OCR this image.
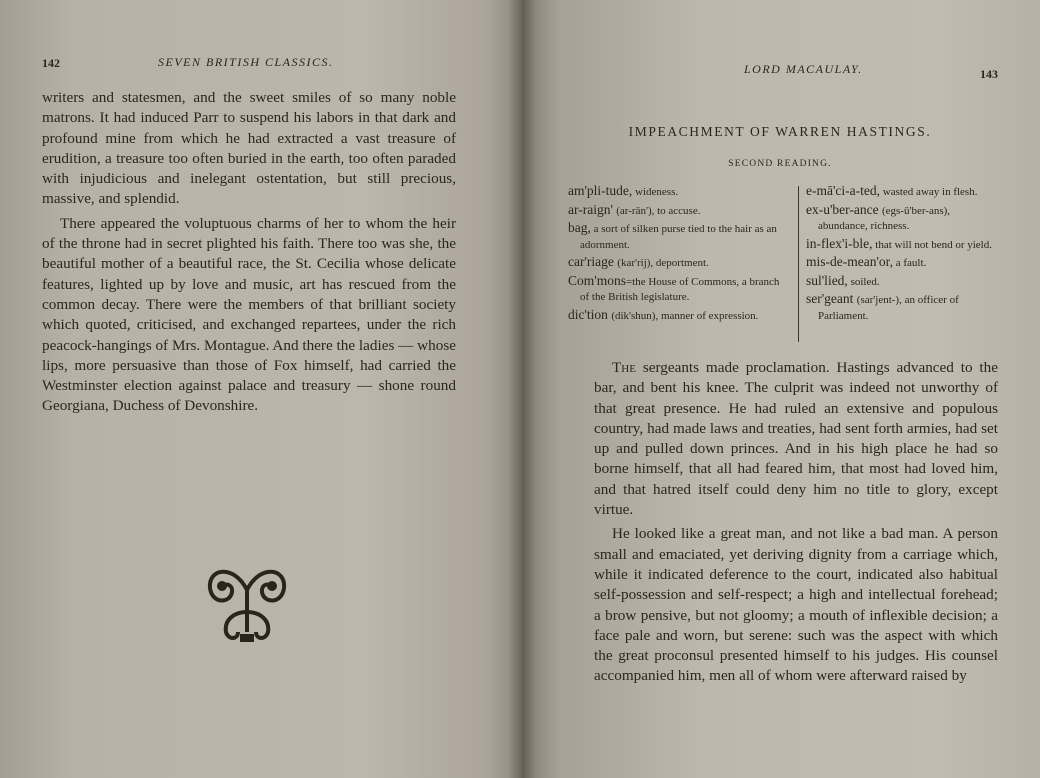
142	SEVEN BRITISH CLASSICS.

writers and statesmen, and the sweet smiles of so many noble matrons. It had induced Parr to suspend his labors in that dark and profound mine from which he had extracted a vast treasure of erudition, a treasure too often buried in the earth, too often paraded with injudicious and inelegant ostentation, but still precious, massive, and splendid.

There appeared the voluptuous charms of her to whom the heir of the throne had in secret plighted his faith. There too was she, the beautiful mother of a beautiful race, the St. Cecilia whose delicate features, lighted up by love and music, art has rescued from the common decay. There were the members of that brilliant society which quoted, criticised, and exchanged repartees, under the rich peacock-hangings of Mrs. Montague. And there the ladies — whose lips, more persuasive than those of Fox himself, had carried the Westminster election against palace and treasury — shone round Georgiana, Duchess of Devonshire.

LORD MACAULAY.	143
IMPEACHMENT OF WARREN HASTINGS.
SECOND READING.
am'pli-tude, wideness.
ar-raign' (ar-rān'), to accuse.
bag, a sort of silken purse tied to the hair as an adornment.
car'riage (kar'rij), deportment.
Com'mons=the House of Commons, a branch of the British legislature.
dic'tion (dik'shun), manner of expression.
e-mā'ci-a-ted, wasted away in flesh.
ex-u'ber-ance (egs-ū'ber-ans), abundance, richness.
in-flex'i-ble, that will not bend or yield.
mis-de-mean'or, a fault.
sul'lied, soiled.
ser'geant (sar'jent-), an officer of Parliament.

The sergeants made proclamation. Hastings advanced to the bar, and bent his knee. The culprit was indeed not unworthy of that great presence. He had ruled an extensive and populous country, had made laws and treaties, had sent forth armies, had set up and pulled down princes. And in his high place he had so borne himself, that all had feared him, that most had loved him, and that hatred itself could deny him no title to glory, except virtue.

He looked like a great man, and not like a bad man. A person small and emaciated, yet deriving dignity from a carriage which, while it indicated deference to the court, indicated also habitual self-possession and self-respect; a high and intellectual forehead; a brow pensive, but not gloomy; a mouth of inflexible decision; a face pale and worn, but serene: such was the aspect with which the great proconsul presented himself to his judges. His counsel accompanied him, men all of whom were afterward raised by
